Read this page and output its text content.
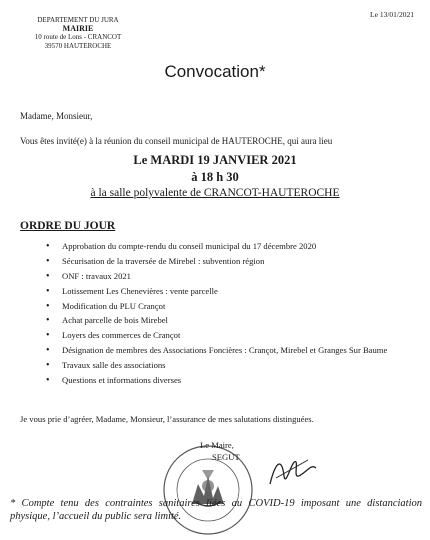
Le 13/01/2021
DEPARTEMENT DU JURA
MAIRIE
10 route de Lons - CRANCOT
39570 HAUTEROCHE
Convocation*
Madame, Monsieur,
Vous êtes invité(e) à la réunion du conseil municipal de HAUTEROCHE, qui aura lieu
Le MARDI 19 JANVIER 2021
à 18 h 30
à la salle polyvalente de CRANCOT-HAUTEROCHE
ORDRE DU JOUR
• Approbation du compte-rendu du conseil municipal du 17 décembre 2020
• Sécurisation de la traversée de Mirebel : subvention région
• ONF : travaux 2021
• Lotissement Les Chenevières : vente parcelle
• Modification du PLU Crançot
• Achat parcelle de bois Mirebel
• Loyers des commerces de Crançot
• Désignation de membres des Associations Foncières : Crançot, Mirebel et Granges Sur Baume
• Travaux salle des associations
• Questions et informations diverses
Je vous prie d’agréer, Madame, Monsieur, l’assurance de mes salutations distinguées.
Le Maire,
SEGUT
* Compte tenu des contraintes sanitaires liées au COVID-19 imposant une distanciation physique, l’accueil du public sera limité.
